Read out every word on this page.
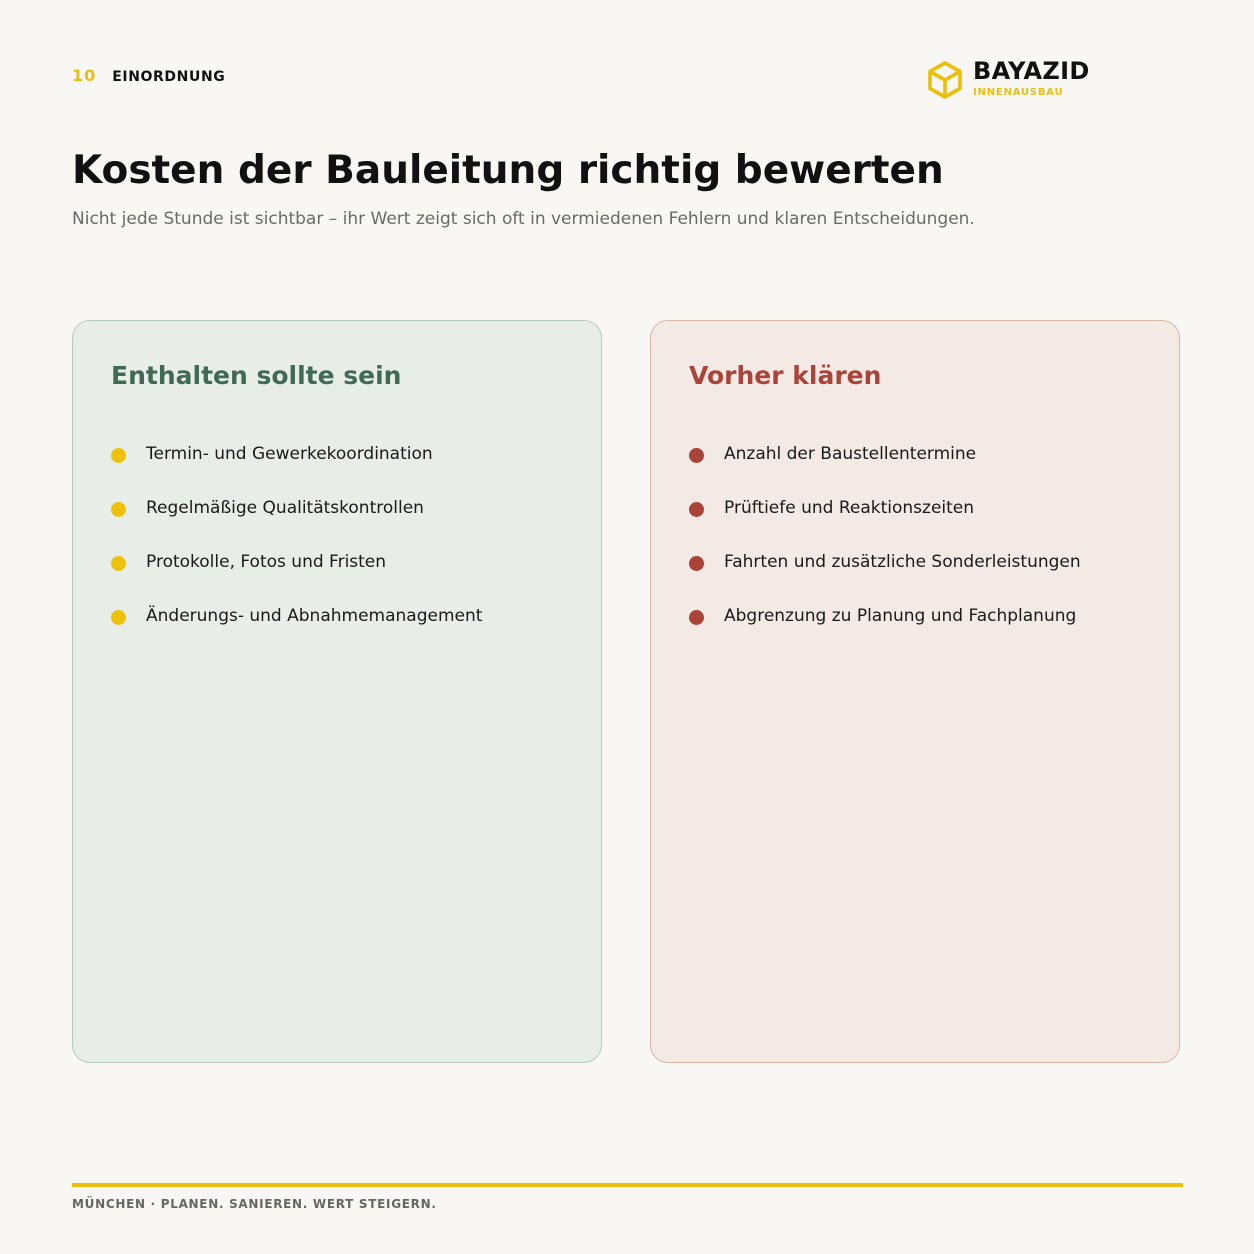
10 EINORDNUNG	BAYAZID
INNENAUSBAU
Kosten der Bauleitung richtig bewerten

Nicht jede Stunde ist sichtbar – ihr Wert zeigt sich oft in vermiedenen Fehlern und klaren Entscheidungen.

Enthalten sollte sein
Termin- und Gewerkekoordination
Regelmäßige Qualitätskontrollen
Protokolle, Fotos und Fristen
Änderungs- und Abnahmemanagement
Vorher klären
Anzahl der Baustellentermine
Prüftiefe und Reaktionszeiten
Fahrten und zusätzliche Sonderleistungen
Abgrenzung zu Planung und Fachplanung
MÜNCHEN · PLANEN. SANIEREN. WERT STEIGERN.
